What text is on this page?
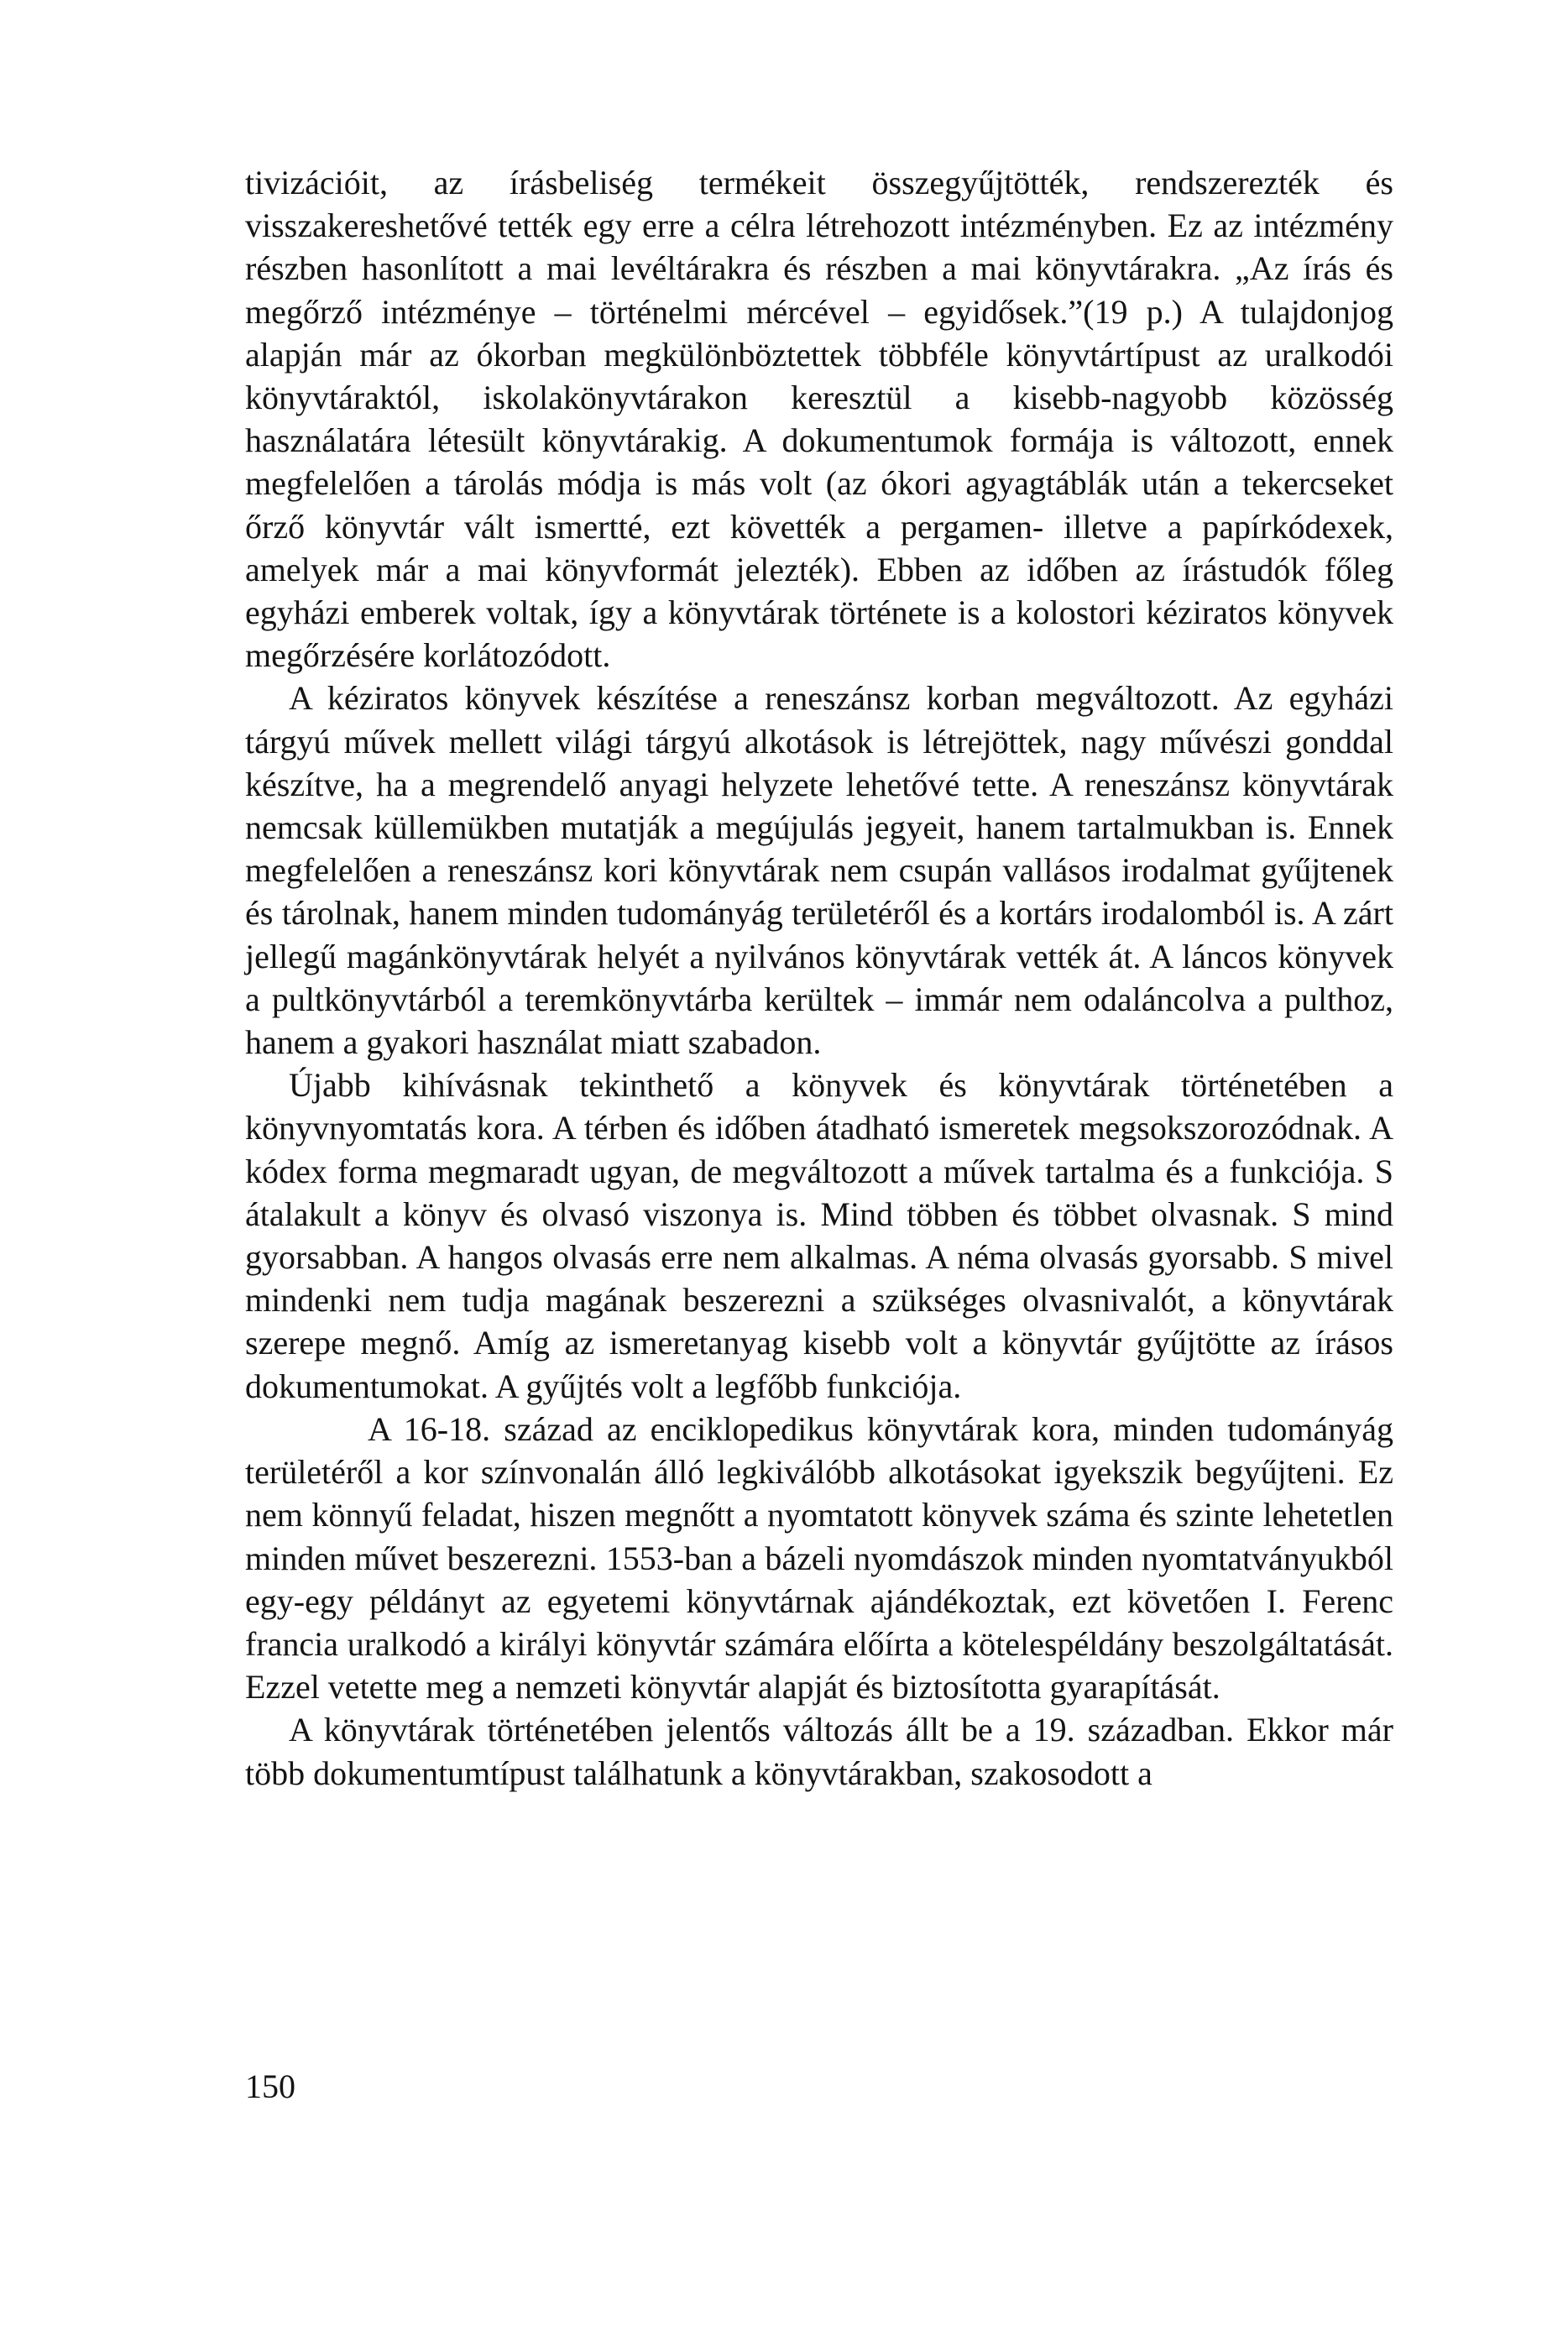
tivizációit, az írásbeliség termékeit összegyűjtötték, rendszerezték és visszakereshetővé tették egy erre a célra létrehozott intézményben. Ez az intézmény részben hasonlított a mai levéltárakra és részben a mai könyvtárakra. „Az írás és megőrző intézménye – történelmi mércével – egyidősek.”(19 p.) A tulajdonjog alapján már az ókorban megkülönböztettek többféle könyvtártípust az uralkodói könyvtáraktól, iskolakönyvtárakon keresztül a kisebb-nagyobb közösség használatára létesült könyvtárakig. A dokumentumok formája is változott, ennek megfelelően a tárolás módja is más volt (az ókori agyagtáblák után a tekercseket őrző könyvtár vált ismertté, ezt követték a pergamen- illetve a papírkódexek, amelyek már a mai könyvformát jelezték). Ebben az időben az írástudók főleg egyházi emberek voltak, így a könyvtárak története is a kolostori kéziratos könyvek megőrzésére korlátozódott.

A kéziratos könyvek készítése a reneszánsz korban megváltozott. Az egyházi tárgyú művek mellett világi tárgyú alkotások is létrejöttek, nagy művészi gonddal készítve, ha a megrendelő anyagi helyzete lehetővé tette. A reneszánsz könyvtárak nemcsak küllemükben mutatják a megújulás jegyeit, hanem tartalmukban is. Ennek megfelelően a reneszánsz kori könyvtárak nem csupán vallásos irodalmat gyűjtenek és tárolnak, hanem minden tudományág területéről és a kortárs irodalomból is. A zárt jellegű magánkönyvtárak helyét a nyilvános könyvtárak vették át. A láncos könyvek a pultkönyvtárból a teremkönyvtárba kerültek – immár nem odaláncolva a pulthoz, hanem a gyakori használat miatt szabadon.

Újabb kihívásnak tekinthető a könyvek és könyvtárak történetében a könyvnyomtatás kora. A térben és időben átadható ismeretek megsokszorozódnak. A kódex forma megmaradt ugyan, de megváltozott a művek tartalma és a funkciója. S átalakult a könyv és olvasó viszonya is. Mind többen és többet olvasnak. S mind gyorsabban. A hangos olvasás erre nem alkalmas. A néma olvasás gyorsabb. S mivel mindenki nem tudja magának beszerezni a szükséges olvasnivalót, a könyvtárak szerepe megnő. Amíg az ismeretanyag kisebb volt a könyvtár gyűjtötte az írásos dokumentumokat. A gyűjtés volt a legfőbb funkciója.

A 16-18. század az enciklopedikus könyvtárak kora, minden tudományág területéről a kor színvonalán álló legkiválóbb alkotásokat igyekszik begyűjteni. Ez nem könnyű feladat, hiszen megnőtt a nyomtatott könyvek száma és szinte lehetetlen minden művet beszerezni. 1553-ban a bázeli nyomdászok minden nyomtatványukból egy-egy példányt az egyetemi könyvtárnak ajándékoztak, ezt követően I. Ferenc francia uralkodó a királyi könyvtár számára előírta a kötelespéldány beszolgáltatását. Ezzel vetette meg a nemzeti könyvtár alapját és biztosította gyarapítását.

A könyvtárak történetében jelentős változás állt be a 19. században. Ekkor már több dokumentumtípust találhatunk a könyvtárakban, szakosodott a

150
